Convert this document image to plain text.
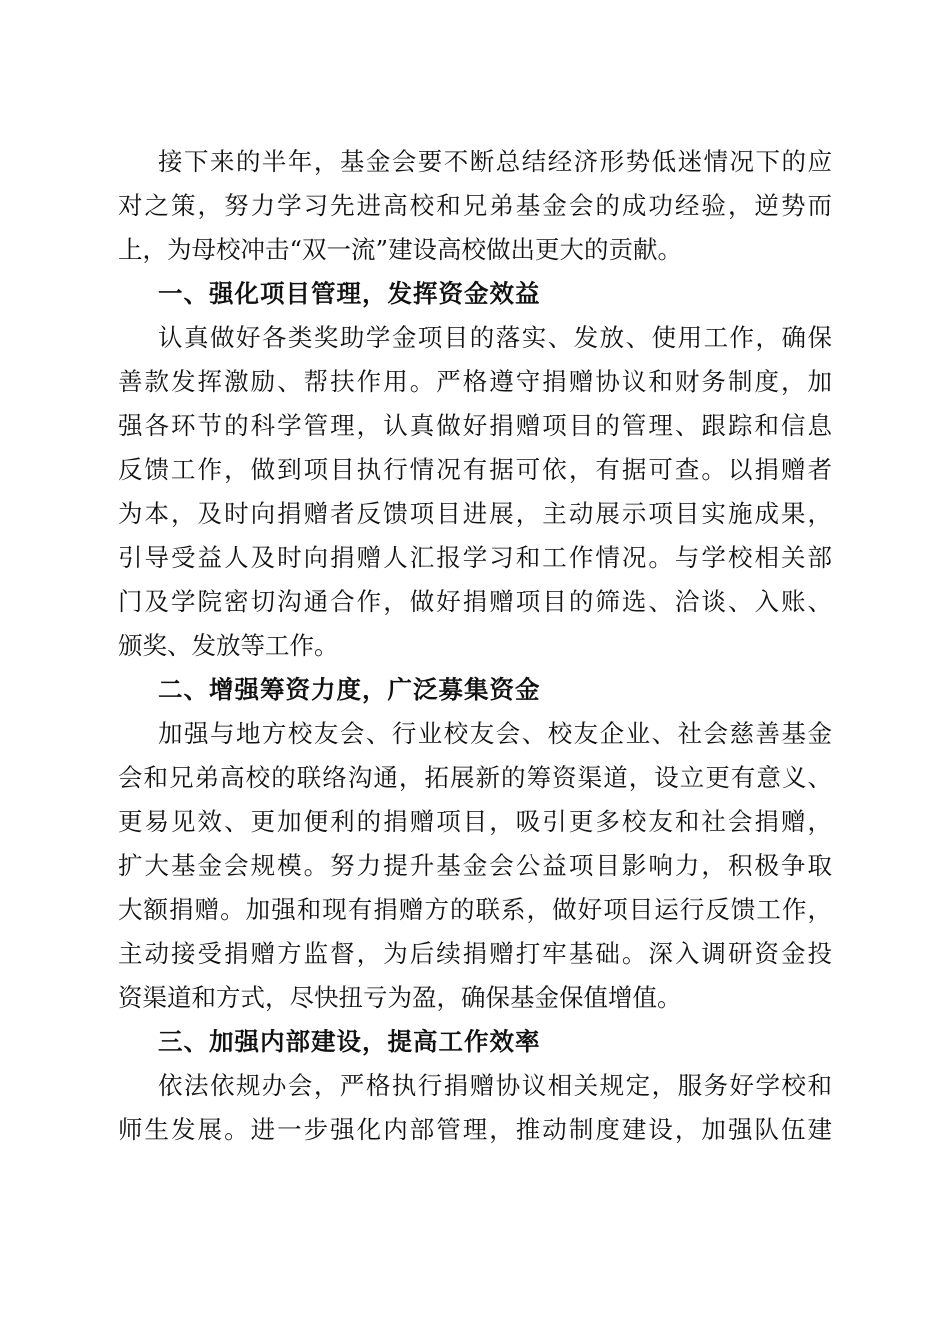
接下来的半年，基金会要不断总结经济形势低迷情况下的应
对之策，努力学习先进高校和兄弟基金会的成功经验，逆势而
上，为母校冲击“双一流”建设高校做出更大的贡献。
一、强化项目管理，发挥资金效益
认真做好各类奖助学金项目的落实、发放、使用工作，确保
善款发挥激励、帮扶作用。严格遵守捐赠协议和财务制度，加
强各环节的科学管理，认真做好捐赠项目的管理、跟踪和信息
反馈工作，做到项目执行情况有据可依，有据可查。以捐赠者
为本，及时向捐赠者反馈项目进展，主动展示项目实施成果，
引导受益人及时向捐赠人汇报学习和工作情况。与学校相关部
门及学院密切沟通合作，做好捐赠项目的筛选、洽谈、入账、
颁奖、发放等工作。
二、增强筹资力度，广泛募集资金
加强与地方校友会、行业校友会、校友企业、社会慈善基金
会和兄弟高校的联络沟通，拓展新的筹资渠道，设立更有意义、
更易见效、更加便利的捐赠项目，吸引更多校友和社会捐赠，
扩大基金会规模。努力提升基金会公益项目影响力，积极争取
大额捐赠。加强和现有捐赠方的联系，做好项目运行反馈工作，
主动接受捐赠方监督，为后续捐赠打牢基础。深入调研资金投
资渠道和方式，尽快扭亏为盈，确保基金保值增值。
三、加强内部建设，提高工作效率
依法依规办会，严格执行捐赠协议相关规定，服务好学校和
师生发展。进一步强化内部管理，推动制度建设，加强队伍建
